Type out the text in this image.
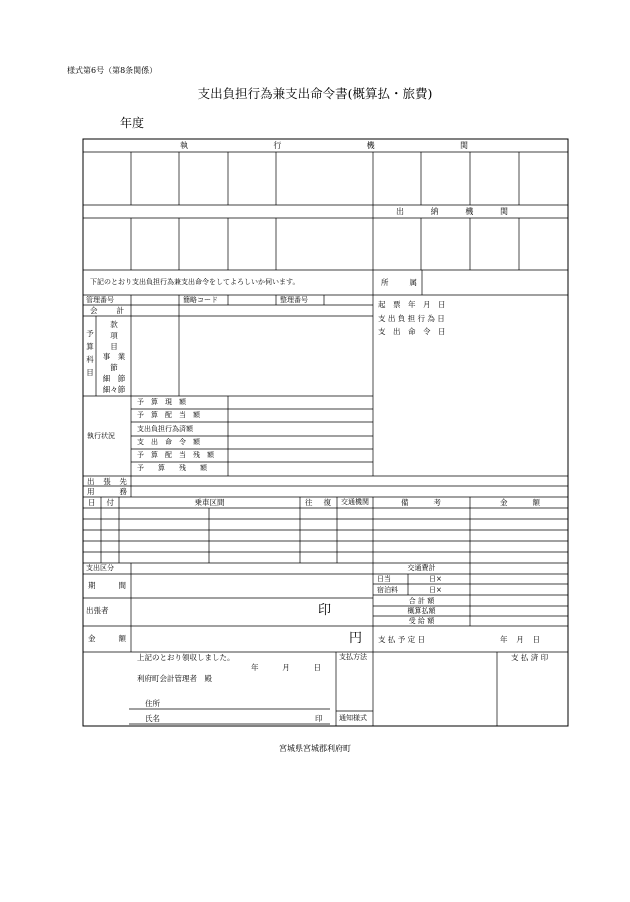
様式第6号（第8条関係）
支出負担行為兼支出命令書(概算払・旅費)
年度
執	行	機	関
出	納	機	関
下記のとおり支出負担行為兼支出命令をしてよろしいか伺います。	所	属
管理番号	簡略コード	整理番号	起　票　年　月　日
支 出 負 担 行 為 日
支　出　命　令　日
会	計
予
算
科
目
款
項
目
事　業
節
細　節
細々節
執行状況
予　算　現　額
予　算　配　当　額
支出負担行為済額
支　出　命　令　額
予　算　配　当　残　額
予　　算　　残　　額
出 張 先
用	務
日 付	乗車区間	往 復	交通機関	備	考	金	額
支出区分	交通費計
期	間
日当	日×
宿泊料	日×
合 計 額
概算払額
受 給 額
出張者	印
金	額	円 支 払 予 定 日	年 月 日
上記のとおり領収しました。
年	月	日
利府町会計管理者　殿
住所
氏名	印
支払方法
通知様式
支 払 済 印
宮城県宮城郡利府町
